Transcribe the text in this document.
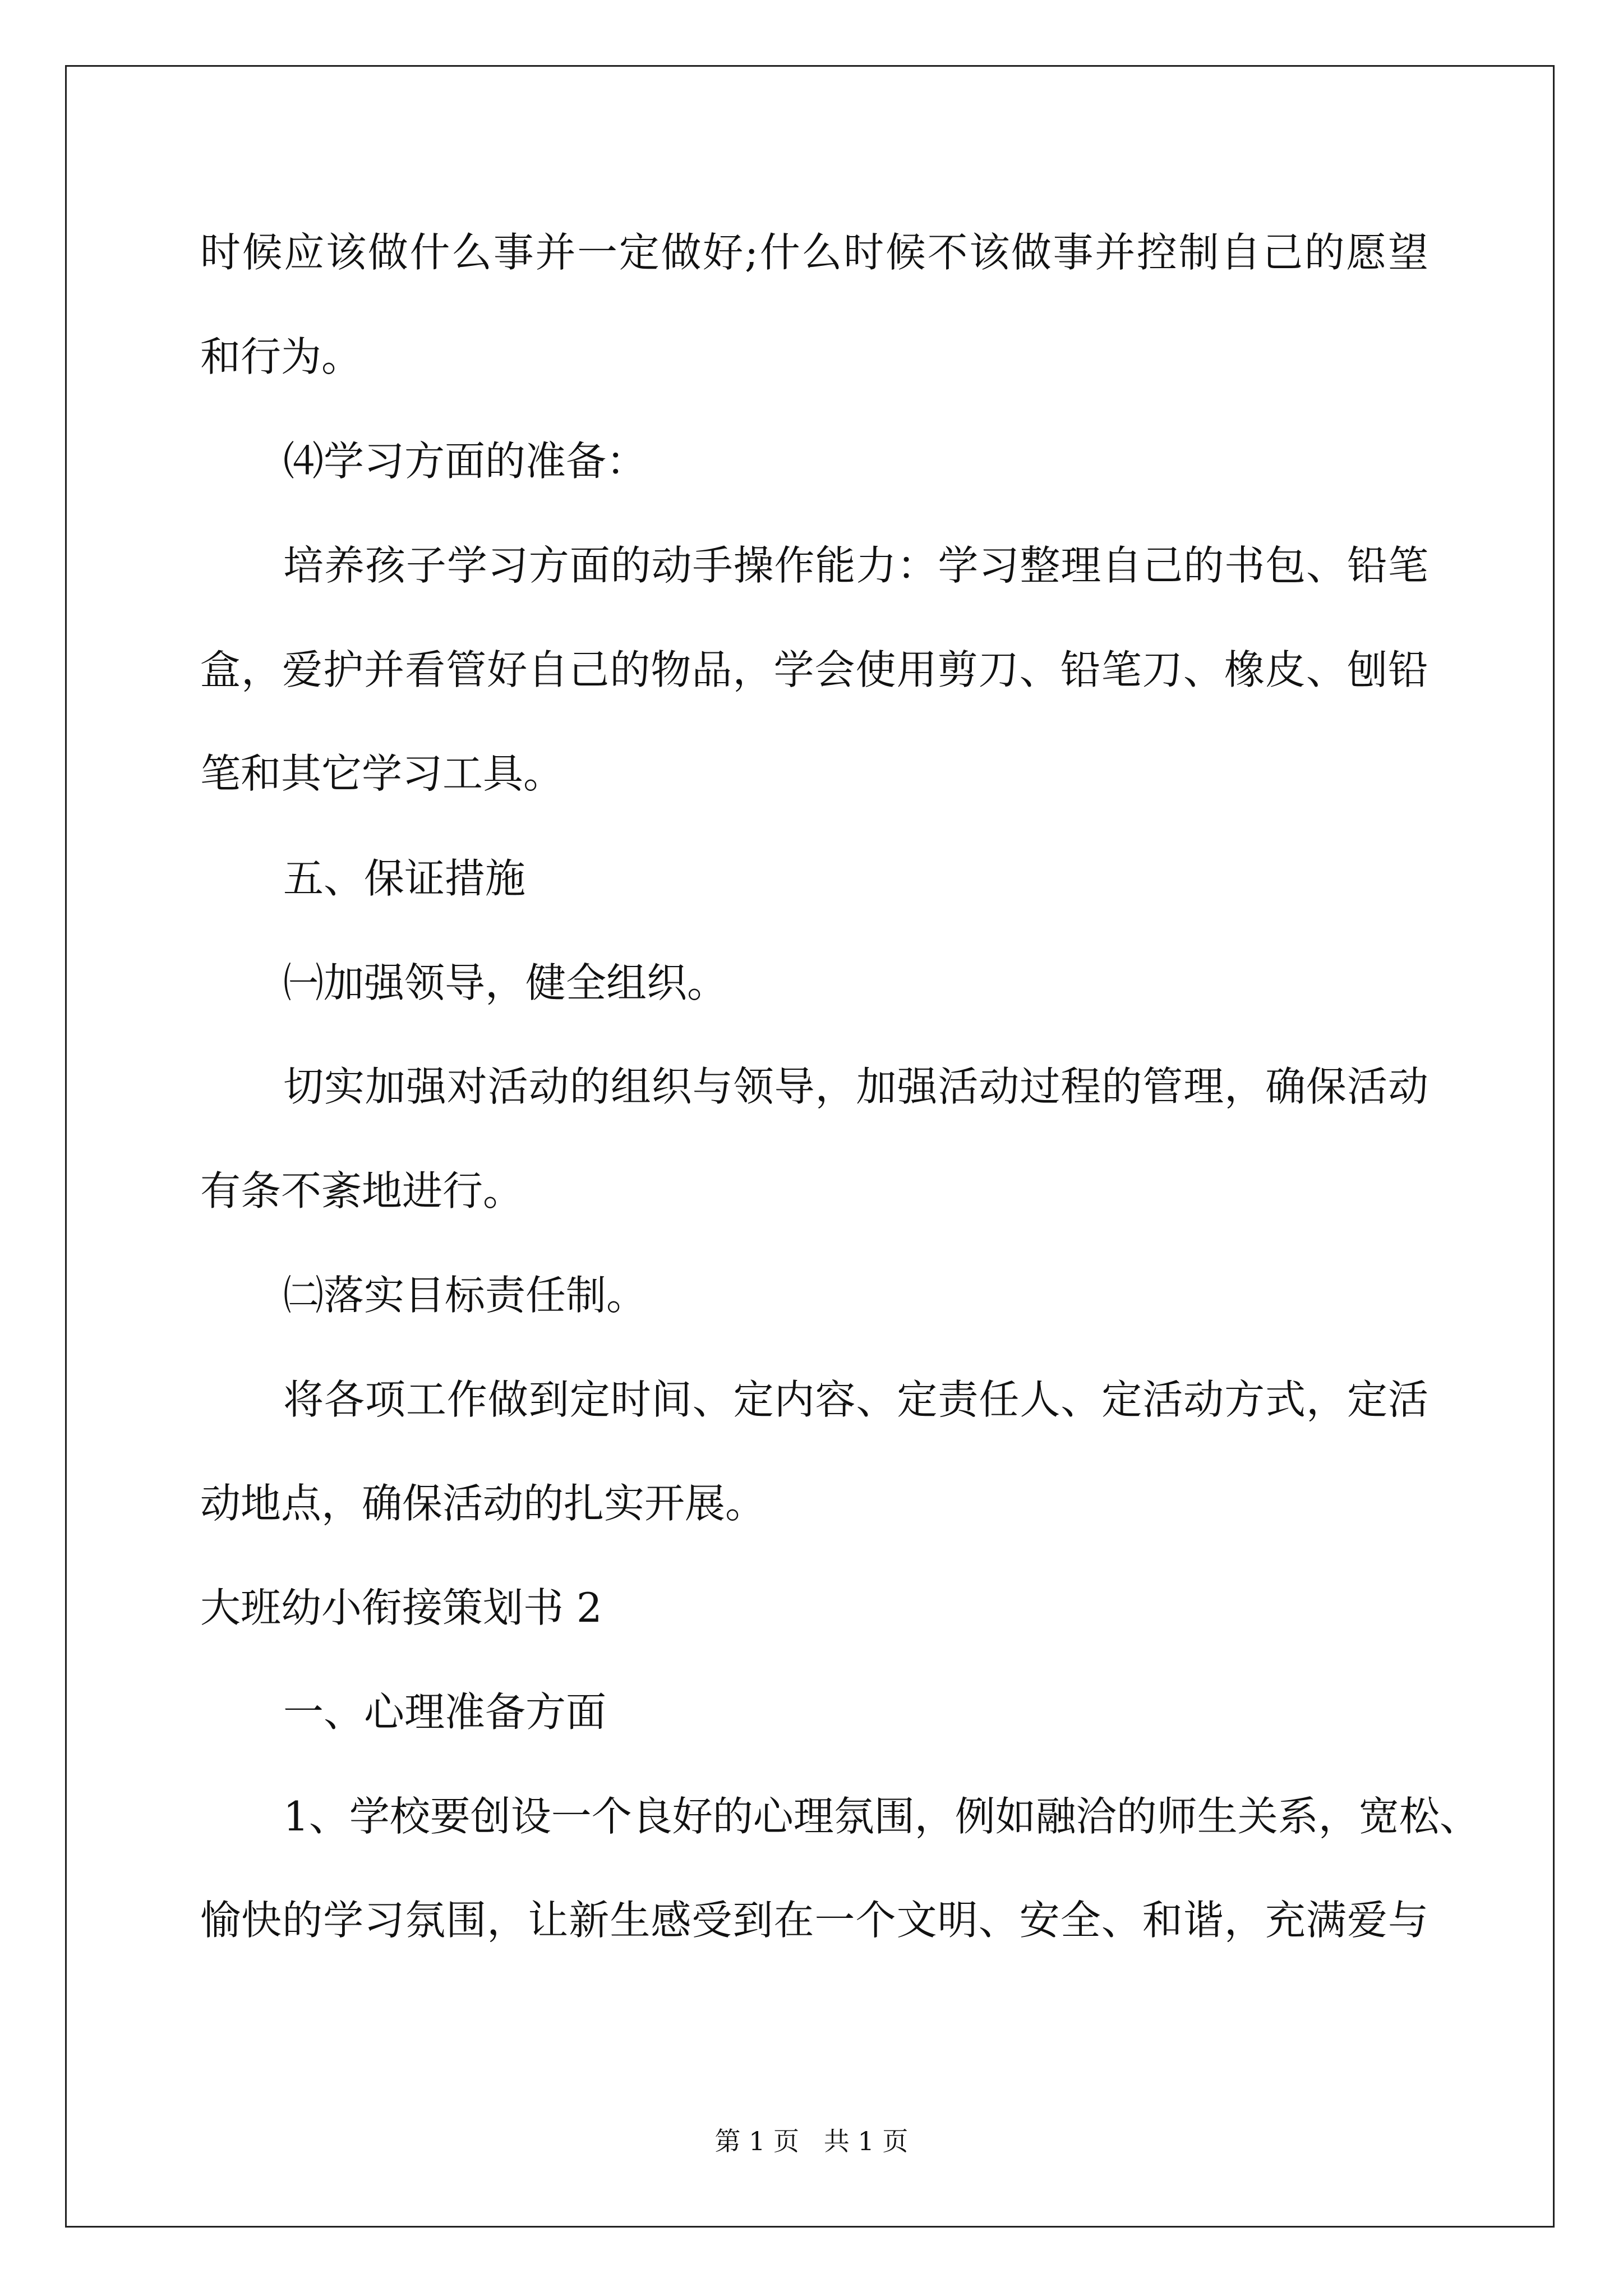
时候应该做什么事并一定做好;什么时候不该做事并控制自己的愿望
和行为。
⑷学习方面的准备：
培养孩子学习方面的动手操作能力：学习整理自己的书包、铅笔
盒，爱护并看管好自己的物品，学会使用剪刀、铅笔刀、橡皮、刨铅
笔和其它学习工具。
五、保证措施
㈠加强领导，健全组织。
切实加强对活动的组织与领导，加强活动过程的管理，确保活动
有条不紊地进行。
㈡落实目标责任制。
将各项工作做到定时间、定内容、定责任人、定活动方式，定活
动地点，确保活动的扎实开展。
大班幼小衔接策划书 2
一、心理准备方面
1、学校要创设一个良好的心理氛围，例如融洽的师生关系，宽松、
愉快的学习氛围，让新生感受到在一个文明、安全、和谐，充满爱与
第 1 页   共 1 页
